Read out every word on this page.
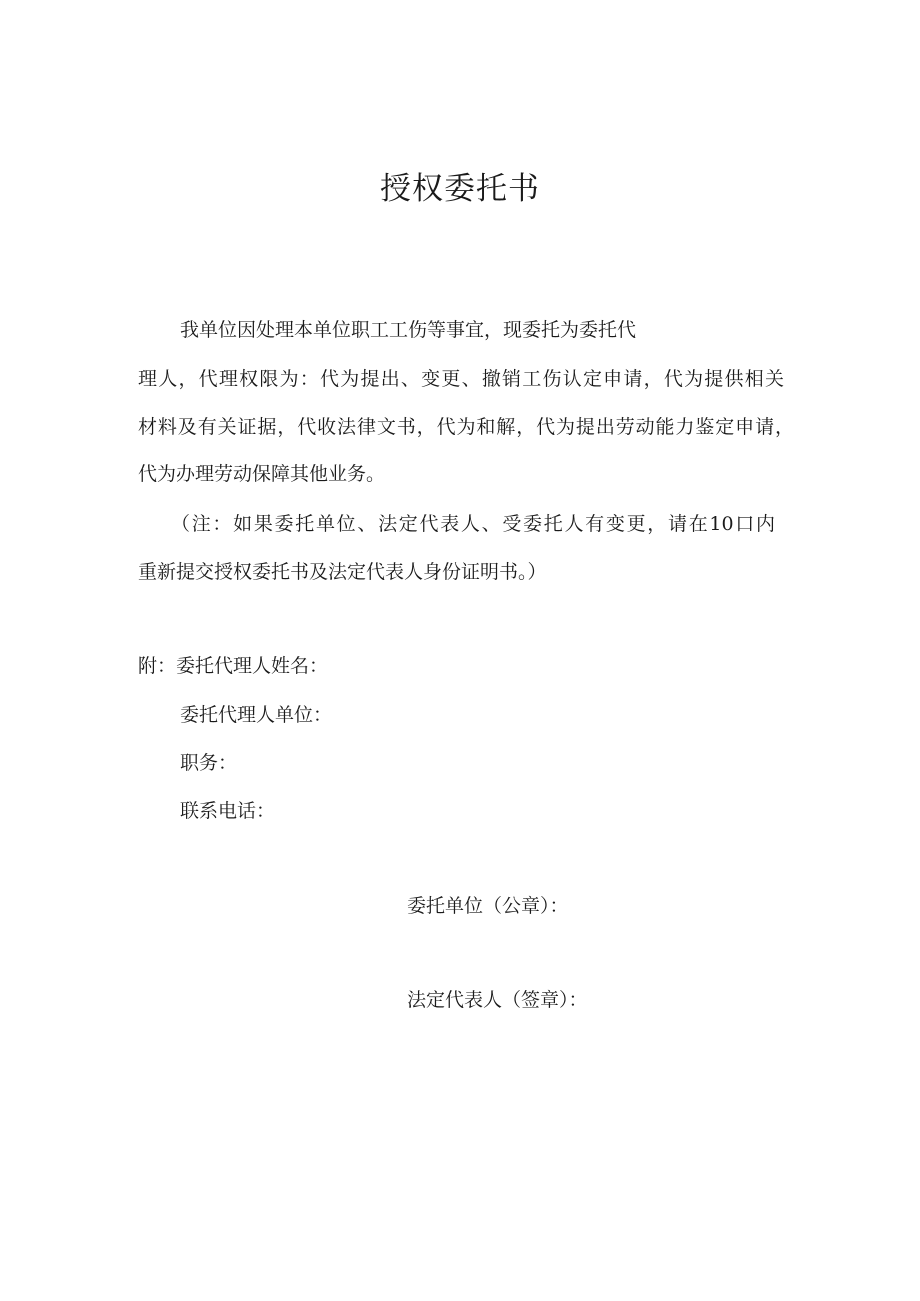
授权委托书
我单位因处理本单位职工工伤等事宜，现委托为委托代
理人，代理权限为：代为提出、变更、撤销工伤认定申请，代为提供相关
材料及有关证据，代收法律文书，代为和解，代为提出劳动能力鉴定申请，
代为办理劳动保障其他业务。
（注：如果委托单位、法定代表人、受委托人有变更，请在10口内
重新提交授权委托书及法定代表人身份证明书。）
附：委托代理人姓名：
委托代理人单位：
职务：
联系电话：
委托单位（公章）：
法定代表人（签章）：
